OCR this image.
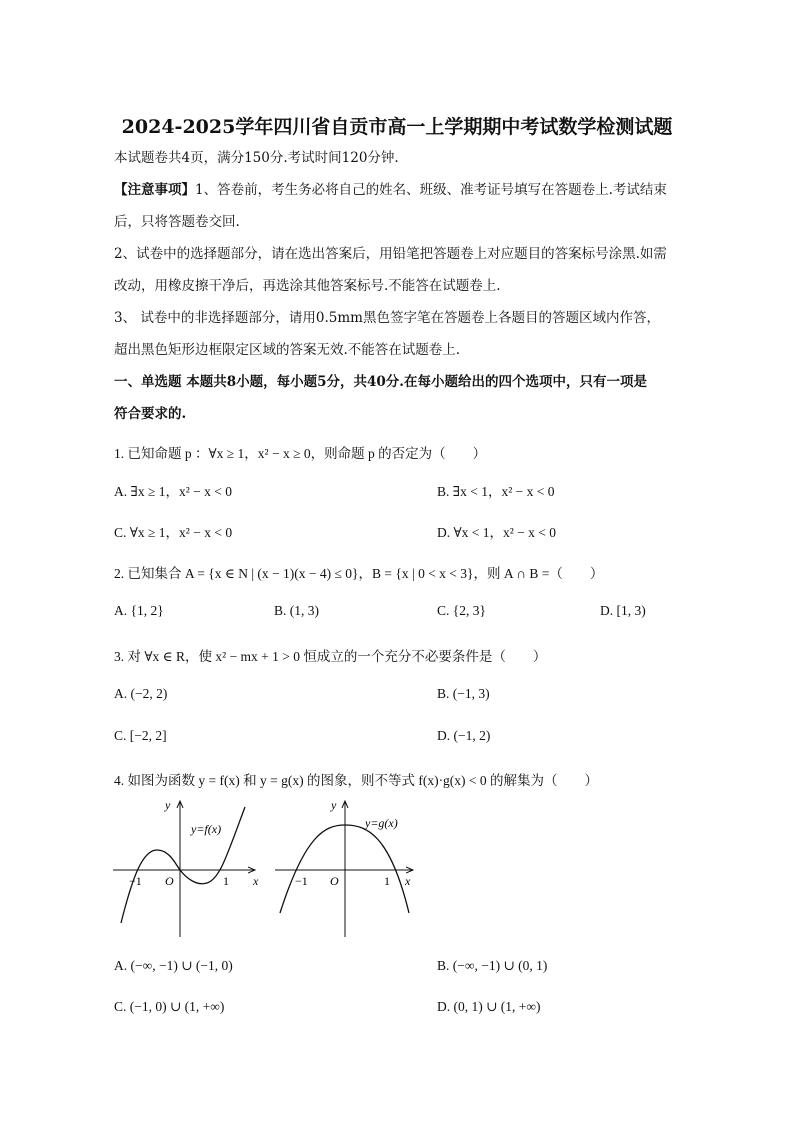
2024-2025学年四川省自贡市高一上学期期中考试数学检测试题
本试题卷共4页，满分150分.考试时间120分钟.
【注意事项】1、答卷前，考生务必将自己的姓名、班级、准考证号填写在答题卷上.考试结束
后，只将答题卷交回.
2、试卷中的选择题部分，请在选出答案后，用铅笔把答题卷上对应题目的答案标号涂黑.如需
改动，用橡皮擦干净后，再选涂其他答案标号.不能答在试题卷上.
3、 试卷中的非选择题部分，请用0.5mm黑色签字笔在答题卷上各题目的答题区域内作答，
超出黑色矩形边框限定区域的答案无效.不能答在试题卷上.
一、单选题 本题共8小题，每小题5分，共40分.在每小题给出的四个选项中，只有一项是
符合要求的.
1. 已知命题 p ：∀x ≥ 1，x² − x ≥ 0，则命题 p 的否定为（　　）
A. ∃x ≥ 1，x² − x < 0	B. ∃x < 1，x² − x < 0
C. ∀x ≥ 1，x² − x < 0	D. ∀x < 1，x² − x < 0
2. 已知集合 A = {x ∈ N | (x − 1)(x − 4) ≤ 0}，B = {x | 0 < x < 3}，则 A ∩ B =（　　）
A. {1, 2}	B. (1, 3)	C. {2, 3}	D. [1, 3)
3. 对 ∀x ∈ R，使 x² − mx + 1 > 0 恒成立的一个充分不必要条件是（　　）
A. (−2, 2)	B. (−1, 3)
C. [−2, 2]	D. (−1, 2)
4. 如图为函数 y = f(x) 和 y = g(x) 的图象，则不等式 f(x)·g(x) < 0 的解集为（　　）
y
x
y=f(x)
O
−1	1
y
x
y=g(x)
O
−1	1
A. (−∞, −1) ∪ (−1, 0)	B. (−∞, −1) ∪ (0, 1)
C. (−1, 0) ∪ (1, +∞)	D. (0, 1) ∪ (1, +∞)
